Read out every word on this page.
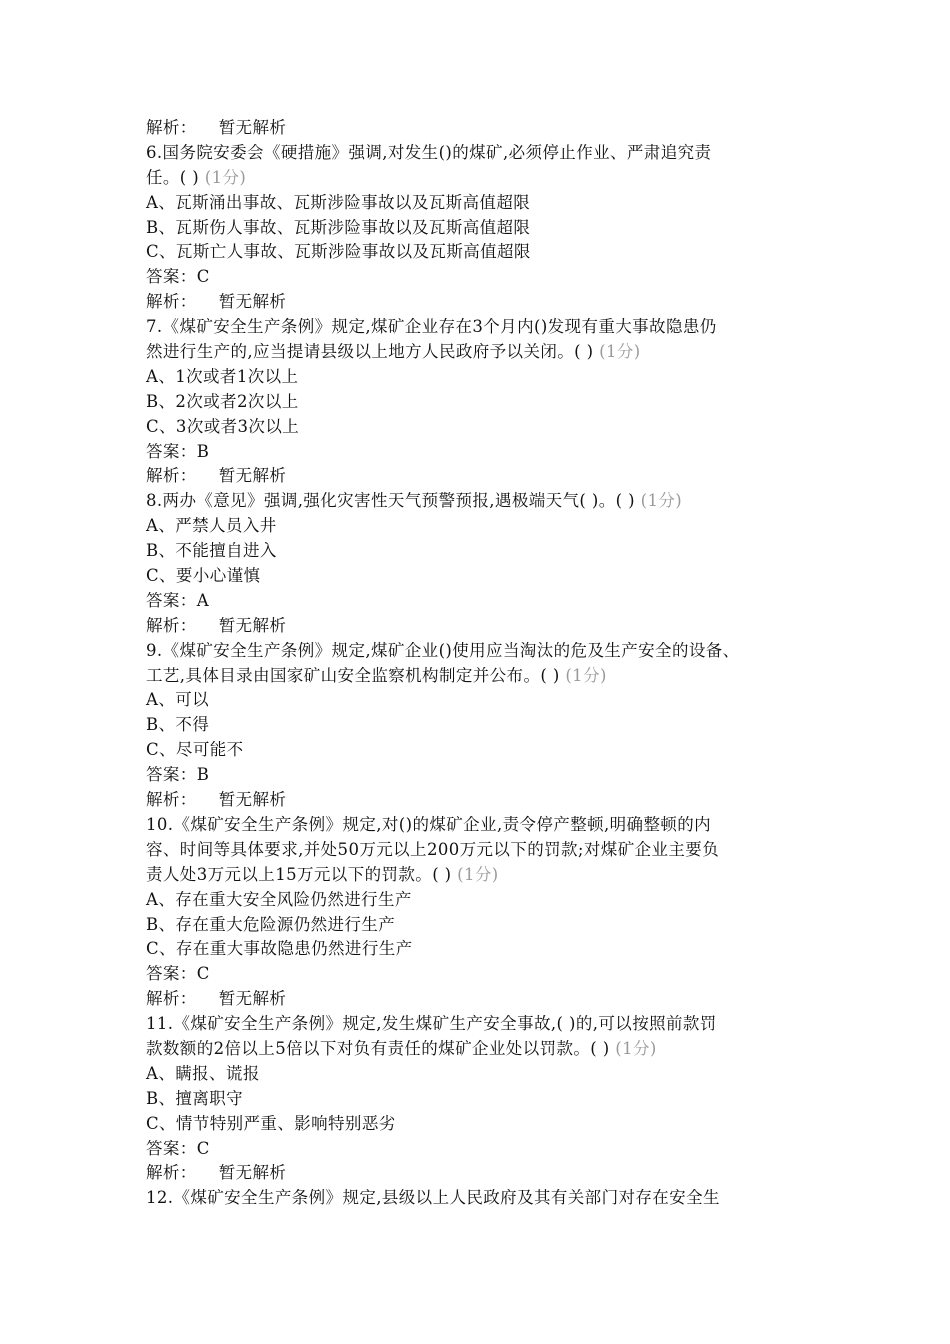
解析： 暂无解析
6.国务院安委会《硬措施》强调,对发生()的煤矿,必须停止作业、严肃追究责
任。( ) (1分)
A、瓦斯涌出事故、瓦斯涉险事故以及瓦斯高值超限
B、瓦斯伤人事故、瓦斯涉险事故以及瓦斯高值超限
C、瓦斯亡人事故、瓦斯涉险事故以及瓦斯高值超限
答案：C
解析： 暂无解析
7.《煤矿安全生产条例》规定,煤矿企业存在3个月内()发现有重大事故隐患仍
然进行生产的,应当提请县级以上地方人民政府予以关闭。( ) (1分)
A、1次或者1次以上
B、2次或者2次以上
C、3次或者3次以上
答案：B
解析： 暂无解析
8.两办《意见》强调,强化灾害性天气预警预报,遇极端天气( )。( ) (1分)
A、严禁人员入井
B、不能擅自进入
C、要小心谨慎
答案：A
解析： 暂无解析
9.《煤矿安全生产条例》规定,煤矿企业()使用应当淘汰的危及生产安全的设备、
工艺,具体目录由国家矿山安全监察机构制定并公布。( ) (1分)
A、可以
B、不得
C、尽可能不
答案：B
解析： 暂无解析
10.《煤矿安全生产条例》规定,对()的煤矿企业,责令停产整顿,明确整顿的内
容、时间等具体要求,并处50万元以上200万元以下的罚款;对煤矿企业主要负
责人处3万元以上15万元以下的罚款。( ) (1分)
A、存在重大安全风险仍然进行生产
B、存在重大危险源仍然进行生产
C、存在重大事故隐患仍然进行生产
答案：C
解析： 暂无解析
11.《煤矿安全生产条例》规定,发生煤矿生产安全事故,( )的,可以按照前款罚
款数额的2倍以上5倍以下对负有责任的煤矿企业处以罚款。( ) (1分)
A、瞒报、谎报
B、擅离职守
C、情节特别严重、影响特别恶劣
答案：C
解析： 暂无解析
12.《煤矿安全生产条例》规定,县级以上人民政府及其有关部门对存在安全生
